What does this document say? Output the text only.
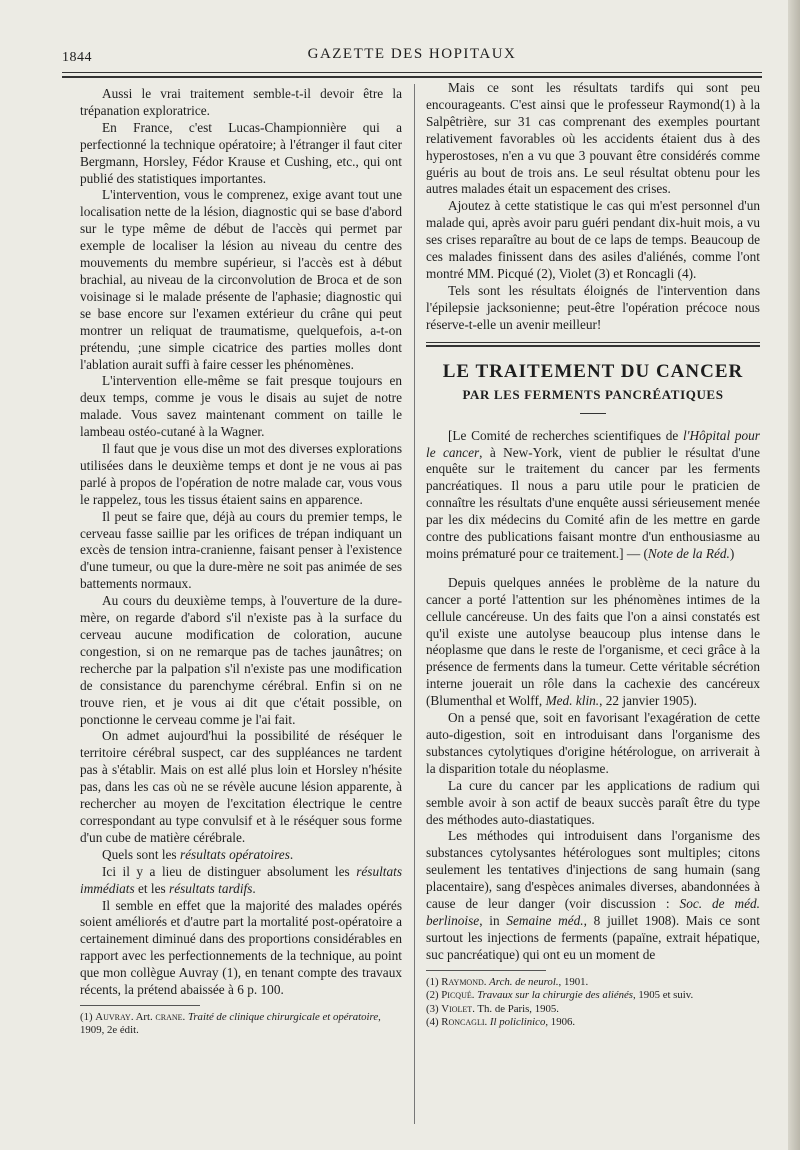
1844	GAZETTE DES HOPITAUX

Aussi le vrai traitement semble-t-il devoir être la trépanation exploratrice.

En France, c'est Lucas-Championnière qui a perfectionné la technique opératoire; à l'étranger il faut citer Bergmann, Horsley, Fédor Krause et Cushing, etc., qui ont publié des statistiques importantes.

L'intervention, vous le comprenez, exige avant tout une localisation nette de la lésion, diagnostic qui se base d'abord sur le type même de début de l'accès qui permet par exemple de localiser la lésion au niveau du centre des mouvements du membre supérieur, si l'accès est à début brachial, au niveau de la circonvolution de Broca et de son voisinage si le malade présente de l'aphasie; diagnostic qui se base encore sur l'examen extérieur du crâne qui peut montrer un reliquat de traumatisme, quelquefois, a-t-on prétendu, ;une simple cicatrice des parties molles dont l'ablation aurait suffi à faire cesser les phénomènes.

L'intervention elle-même se fait presque toujours en deux temps, comme je vous le disais au sujet de notre malade. Vous savez maintenant comment on taille le lambeau ostéo-cutané à la Wagner.

Il faut que je vous dise un mot des diverses explorations utilisées dans le deuxième temps et dont je ne vous ai pas parlé à propos de l'opération de notre malade car, vous vous le rappelez, tous les tissus étaient sains en apparence.

Il peut se faire que, déjà au cours du premier temps, le cerveau fasse saillie par les orifices de trépan indiquant un excès de tension intra-cranienne, faisant penser à l'existence d'une tumeur, ou que la dure-mère ne soit pas animée de ses battements normaux.

Au cours du deuxième temps, à l'ouverture de la dure-mère, on regarde d'abord s'il n'existe pas à la surface du cerveau aucune modification de coloration, aucune congestion, si on ne remarque pas de taches jaunâtres; on recherche par la palpation s'il n'existe pas une modification de consistance du parenchyme cérébral. Enfin si on ne trouve rien, et je vous ai dit que c'était possible, on ponctionne le cerveau comme je l'ai fait.

On admet aujourd'hui la possibilité de réséquer le territoire cérébral suspect, car des suppléances ne tardent pas à s'établir. Mais on est allé plus loin et Horsley n'hésite pas, dans les cas où ne se révèle aucune lésion apparente, à rechercher au moyen de l'excitation électrique le centre correspondant au type convulsif et à le réséquer sous forme d'un cube de matière cérébrale.

Quels sont les résultats opératoires.

Ici il y a lieu de distinguer absolument les résultats immédiats et les résultats tardifs.

Il semble en effet que la majorité des malades opérés soient améliorés et d'autre part la mortalité post-opératoire a certainement diminué dans des proportions considérables en rapport avec les perfectionnements de la technique, au point que mon collègue Auvray (1), en tenant compte des travaux récents, la prétend abaissée à 6 p. 100.

(1) Auvray. Art. crane. Traité de clinique chirurgicale et opératoire, 1909, 2e édit.

Mais ce sont les résultats tardifs qui sont peu encourageants. C'est ainsi que le professeur Raymond(1) à la Salpêtrière, sur 31 cas comprenant des exemples pourtant relativement favorables où les accidents étaient dus à des hyperostoses, n'en a vu que 3 pouvant être considérés comme guéris au bout de trois ans. Le seul résultat obtenu pour les autres malades était un espacement des crises.

Ajoutez à cette statistique le cas qui m'est personnel d'un malade qui, après avoir paru guéri pendant dix-huit mois, a vu ses crises reparaître au bout de ce laps de temps. Beaucoup de ces malades finissent dans des asiles d'aliénés, comme l'ont montré MM. Picqué (2), Violet (3) et Roncagli (4).

Tels sont les résultats éloignés de l'intervention dans l'épilepsie jacksonienne; peut-être l'opération précoce nous réserve-t-elle un avenir meilleur!

LE TRAITEMENT DU CANCER
PAR LES FERMENTS PANCRÉATIQUES

[Le Comité de recherches scientifiques de l'Hôpital pour le cancer, à New-York, vient de publier le résultat d'une enquête sur le traitement du cancer par les ferments pancréatiques. Il nous a paru utile pour le praticien de connaître les résultats d'une enquête aussi sérieusement menée par les dix médecins du Comité afin de les mettre en garde contre des publications faisant montre d'un enthousiasme au moins prématuré pour ce traitement.] — (Note de la Réd.)

Depuis quelques années le problème de la nature du cancer a porté l'attention sur les phénomènes intimes de la cellule cancéreuse. Un des faits que l'on a ainsi constatés est qu'il existe une autolyse beaucoup plus intense dans le néoplasme que dans le reste de l'organisme, et ceci grâce à la présence de ferments dans la tumeur. Cette véritable sécrétion interne jouerait un rôle dans la cachexie des cancéreux (Blumenthal et Wolff, Med. klin., 22 janvier 1905).

On a pensé que, soit en favorisant l'exagération de cette auto-digestion, soit en introduisant dans l'organisme des substances cytolytiques d'origine hétérologue, on arriverait à la disparition totale du néoplasme.

La cure du cancer par les applications de radium qui semble avoir à son actif de beaux succès paraît être du type des méthodes auto-diastatiques.

Les méthodes qui introduisent dans l'organisme des substances cytolysantes hétérologues sont multiples; citons seulement les tentatives d'injections de sang humain (sang placentaire), sang d'espèces animales diverses, abandonnées à cause de leur danger (voir discussion : Soc. de méd. berlinoise, in Semaine méd., 8 juillet 1908). Mais ce sont surtout les injections de ferments (papaïne, extrait hépatique, suc pancréatique) qui ont eu un moment de

(1) Raymond. Arch. de neurol., 1901.
(2) Picqué. Travaux sur la chirurgie des aliénés, 1905 et suiv.
(3) Violet. Th. de Paris, 1905.
(4) Roncagli. Il policlinico, 1906.
